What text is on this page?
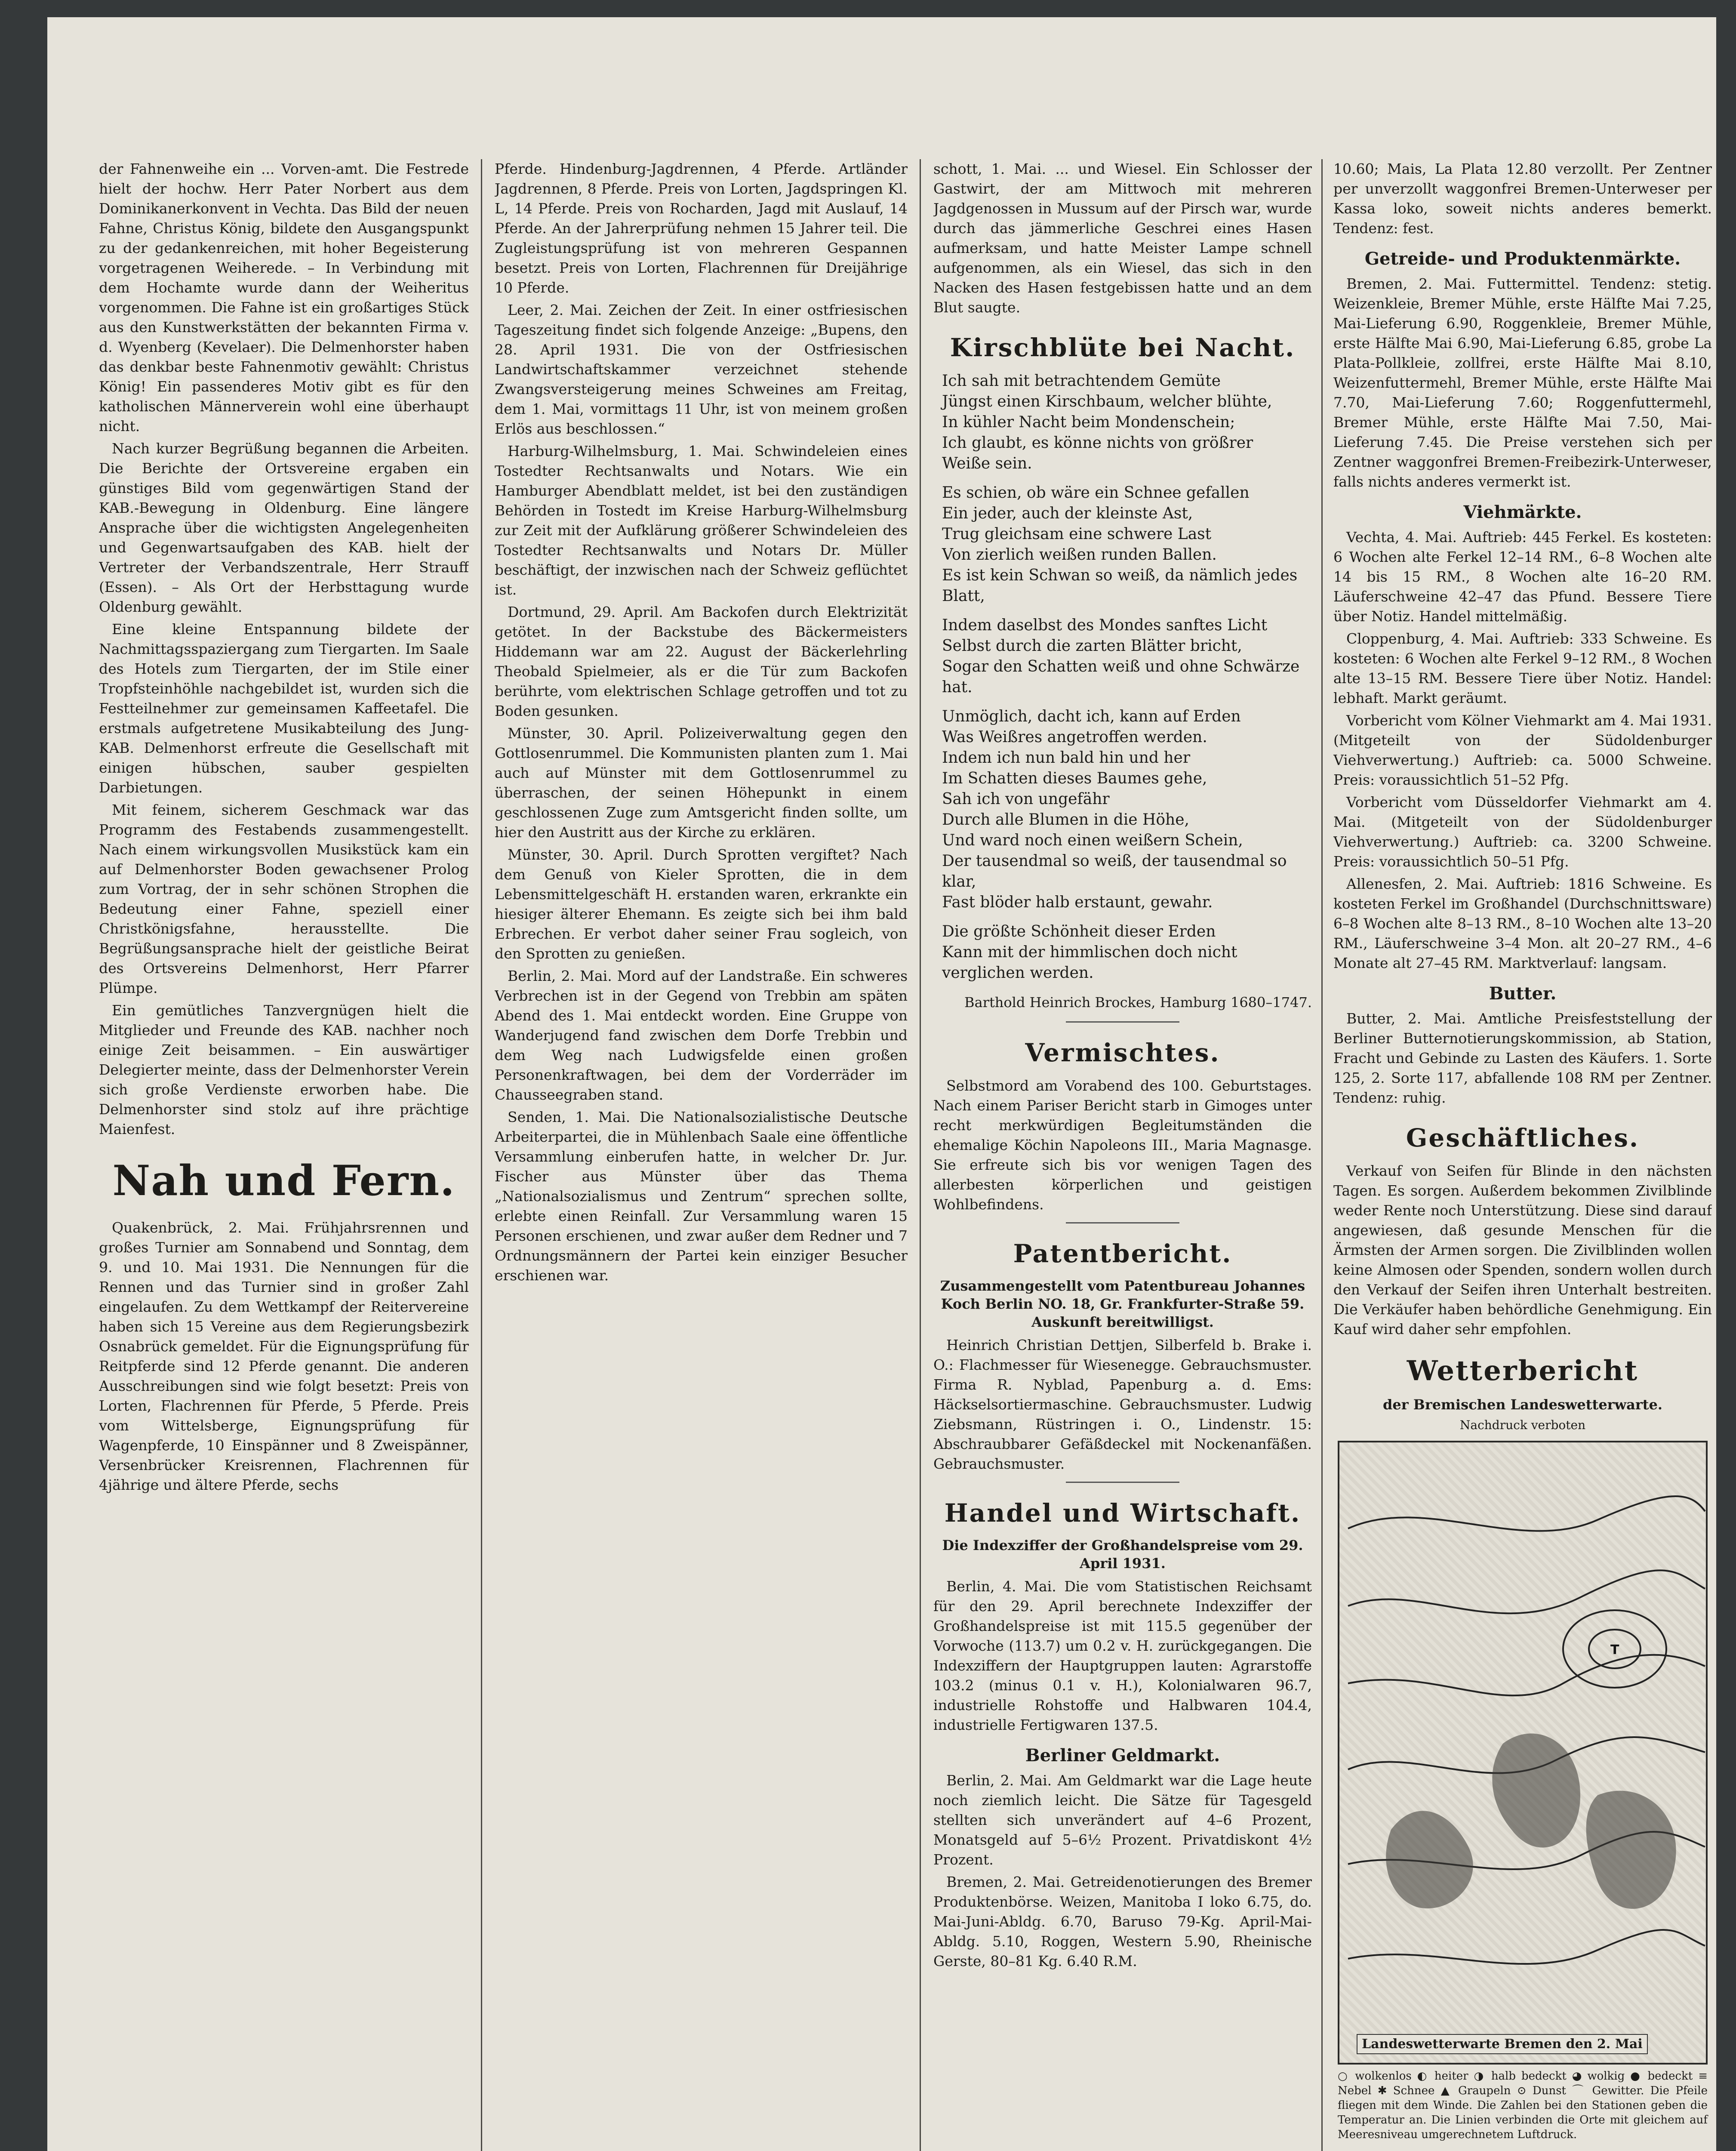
der Fahnenweihe ein ... Vorven-amt. Die Festrede hielt der hochw. Herr Pater Norbert aus dem Dominikanerkonvent in Vechta. Das Bild der neuen Fahne, Christus König, bildete den Ausgangspunkt zu der gedankenreichen, mit hoher Begeisterung vorgetragenen Weiherede. – In Verbindung mit dem Hochamte wurde dann der Weiheritus vorgenommen. Die Fahne ist ein großartiges Stück aus den Kunstwerkstätten der bekannten Firma v. d. Wyenberg (Kevelaer). Die Delmenhorster haben das denkbar beste Fahnenmotiv gewählt: Christus König! Ein passenderes Motiv gibt es für den katholischen Männerverein wohl eine überhaupt nicht.

Nach kurzer Begrüßung begannen die Arbeiten. Die Berichte der Ortsvereine ergaben ein günstiges Bild vom gegenwärtigen Stand der KAB.-Bewegung in Oldenburg. Eine längere Ansprache über die wichtigsten Angelegenheiten und Gegenwartsaufgaben des KAB. hielt der Vertreter der Verbandszentrale, Herr Strauff (Essen). – Als Ort der Herbsttagung wurde Oldenburg gewählt.

Eine kleine Entspannung bildete der Nachmittagsspaziergang zum Tiergarten. Im Saale des Hotels zum Tiergarten, der im Stile einer Tropfsteinhöhle nachgebildet ist, wurden sich die Festteilnehmer zur gemeinsamen Kaffeetafel. Die erstmals aufgetretene Musikabteilung des Jung-KAB. Delmenhorst erfreute die Gesellschaft mit einigen hübschen, sauber gespielten Darbietungen.

Mit feinem, sicherem Geschmack war das Programm des Festabends zusammengestellt. Nach einem wirkungsvollen Musikstück kam ein auf Delmenhorster Boden gewachsener Prolog zum Vortrag, der in sehr schönen Strophen die Bedeutung einer Fahne, speziell einer Christkönigsfahne, herausstellte. Die Begrüßungsansprache hielt der geistliche Beirat des Ortsvereins Delmenhorst, Herr Pfarrer Plümpe.

Ein gemütliches Tanzvergnügen hielt die Mitglieder und Freunde des KAB. nachher noch einige Zeit beisammen. – Ein auswärtiger Delegierter meinte, dass der Delmenhorster Verein sich große Verdienste erworben habe. Die Delmenhorster sind stolz auf ihre prächtige Maienfest.

Nah und Fern.

Quakenbrück, 2. Mai. Frühjahrsrennen und großes Turnier am Sonnabend und Sonntag, dem 9. und 10. Mai 1931. Die Nennungen für die Rennen und das Turnier sind in großer Zahl eingelaufen. Zu dem Wettkampf der Reitervereine haben sich 15 Vereine aus dem Regierungsbezirk Osnabrück gemeldet. Für die Eignungsprüfung für Reitpferde sind 12 Pferde genannt. Die anderen Ausschreibungen sind wie folgt besetzt: Preis von Lorten, Flachrennen für Pferde, 5 Pferde. Preis vom Wittelsberge, Eignungsprüfung für Wagenpferde, 10 Einspänner und 8 Zweispänner, Versenbrücker Kreisrennen, Flachrennen für 4jährige und ältere Pferde, sechs

Pferde. Hindenburg-Jagdrennen, 4 Pferde. Artländer Jagdrennen, 8 Pferde. Preis von Lorten, Jagdspringen Kl. L, 14 Pferde. Preis von Rocharden, Jagd mit Auslauf, 14 Pferde. An der Jahrerprüfung nehmen 15 Jahrer teil. Die Zugleistungsprüfung ist von mehreren Gespannen besetzt. Preis von Lorten, Flachrennen für Dreijährige 10 Pferde.

Leer, 2. Mai. Zeichen der Zeit. In einer ostfriesischen Tageszeitung findet sich folgende Anzeige: „Bupens, den 28. April 1931. Die von der Ostfriesischen Landwirtschaftskammer verzeichnet stehende Zwangsversteigerung meines Schweines am Freitag, dem 1. Mai, vormittags 11 Uhr, ist von meinem großen Erlös aus beschlossen.“

Harburg-Wilhelmsburg, 1. Mai. Schwindeleien eines Tostedter Rechtsanwalts und Notars. Wie ein Hamburger Abendblatt meldet, ist bei den zuständigen Behörden in Tostedt im Kreise Harburg-Wilhelmsburg zur Zeit mit der Aufklärung größerer Schwindeleien des Tostedter Rechtsanwalts und Notars Dr. Müller beschäftigt, der inzwischen nach der Schweiz geflüchtet ist.

Dortmund, 29. April. Am Backofen durch Elektrizität getötet. In der Backstube des Bäckermeisters Hiddemann war am 22. August der Bäckerlehrling Theobald Spielmeier, als er die Tür zum Backofen berührte, vom elektrischen Schlage getroffen und tot zu Boden gesunken.

Münster, 30. April. Polizeiverwaltung gegen den Gottlosenrummel. Die Kommunisten planten zum 1. Mai auch auf Münster mit dem Gottlosenrummel zu überraschen, der seinen Höhepunkt in einem geschlossenen Zuge zum Amtsgericht finden sollte, um hier den Austritt aus der Kirche zu erklären.

Münster, 30. April. Durch Sprotten vergiftet? Nach dem Genuß von Kieler Sprotten, die in dem Lebensmittelgeschäft H. erstanden waren, erkrankte ein hiesiger älterer Ehemann. Es zeigte sich bei ihm bald Erbrechen. Er verbot daher seiner Frau sogleich, von den Sprotten zu genießen.

Berlin, 2. Mai. Mord auf der Landstraße. Ein schweres Verbrechen ist in der Gegend von Trebbin am späten Abend des 1. Mai entdeckt worden. Eine Gruppe von Wanderjugend fand zwischen dem Dorfe Trebbin und dem Weg nach Ludwigsfelde einen großen Personenkraftwagen, bei dem der Vorderräder im Chausseegraben stand.

Senden, 1. Mai. Die Nationalsozialistische Deutsche Arbeiterpartei, die in Mühlenbach Saale eine öffentliche Versammlung einberufen hatte, in welcher Dr. Jur. Fischer aus Münster über das Thema „Nationalsozialismus und Zentrum“ sprechen sollte, erlebte einen Reinfall. Zur Versammlung waren 15 Personen erschienen, und zwar außer dem Redner und 7 Ordnungsmännern der Partei kein einziger Besucher erschienen war.

schott, 1. Mai. ... und Wiesel. Ein Schlosser der Gastwirt, der am Mittwoch mit mehreren Jagdgenossen in Mussum auf der Pirsch war, wurde durch das jämmerliche Geschrei eines Hasen aufmerksam, und hatte Meister Lampe schnell aufgenommen, als ein Wiesel, das sich in den Nacken des Hasen festgebissen hatte und an dem Blut saugte.

Kirschblüte bei Nacht.
Ich sah mit betrachtendem Gemüte
Jüngst einen Kirschbaum, welcher blühte,
In kühler Nacht beim Mondenschein;
Ich glaubt, es könne nichts von größrer
Weiße sein.
Es schien, ob wäre ein Schnee gefallen
Ein jeder, auch der kleinste Ast,
Trug gleichsam eine schwere Last
Von zierlich weißen runden Ballen.
Es ist kein Schwan so weiß, da nämlich jedes Blatt,
Indem daselbst des Mondes sanftes Licht
Selbst durch die zarten Blätter bricht,
Sogar den Schatten weiß und ohne Schwärze hat.
Unmöglich, dacht ich, kann auf Erden
Was Weißres angetroffen werden.
Indem ich nun bald hin und her
Im Schatten dieses Baumes gehe,
Sah ich von ungefähr
Durch alle Blumen in die Höhe,
Und ward noch einen weißern Schein,
Der tausendmal so weiß, der tausendmal so klar,
Fast blöder halb erstaunt, gewahr.
Die größte Schönheit dieser Erden
Kann mit der himmlischen doch nicht verglichen werden.
Barthold Heinrich Brockes, Hamburg 1680–1747.
Vermischtes.

Selbstmord am Vorabend des 100. Geburtstages. Nach einem Pariser Bericht starb in Gimoges unter recht merkwürdigen Begleitumständen die ehemalige Köchin Napoleons III., Maria Magnasge. Sie erfreute sich bis vor wenigen Tagen des allerbesten körperlichen und geistigen Wohlbefindens.

Patentbericht.
Zusammengestellt vom Patentbureau Johannes Koch Berlin NO. 18, Gr. Frankfurter-Straße 59. Auskunft bereitwilligst.

Heinrich Christian Dettjen, Silberfeld b. Brake i. O.: Flachmesser für Wiesenegge. Gebrauchsmuster. Firma R. Nyblad, Papenburg a. d. Ems: Häckselsortiermaschine. Gebrauchsmuster. Ludwig Ziebsmann, Rüstringen i. O., Lindenstr. 15: Abschraubbarer Gefäßdeckel mit Nockenanfäßen. Gebrauchsmuster.

Handel und Wirtschaft.
Die Indexziffer der Großhandelspreise vom 29. April 1931.

Berlin, 4. Mai. Die vom Statistischen Reichsamt für den 29. April berechnete Indexziffer der Großhandelspreise ist mit 115.5 gegenüber der Vorwoche (113.7) um 0.2 v. H. zurückgegangen. Die Indexziffern der Hauptgruppen lauten: Agrarstoffe 103.2 (minus 0.1 v. H.), Kolonialwaren 96.7, industrielle Rohstoffe und Halbwaren 104.4, industrielle Fertigwaren 137.5.

Berliner Geldmarkt.

Berlin, 2. Mai. Am Geldmarkt war die Lage heute noch ziemlich leicht. Die Sätze für Tagesgeld stellten sich unverändert auf 4–6 Prozent, Monatsgeld auf 5–6½ Prozent. Privatdiskont 4½ Prozent.

Bremen, 2. Mai. Getreidenotierungen des Bremer Produktenbörse. Weizen, Manitoba I loko 6.75, do. Mai-Juni-Abldg. 6.70, Baruso 79-Kg. April-Mai-Abldg. 5.10, Roggen, Western 5.90, Rheinische Gerste, 80–81 Kg. 6.40 R.M.

10.60; Mais, La Plata 12.80 verzollt. Per Zentner per unverzollt waggonfrei Bremen-Unterweser per Kassa loko, soweit nichts anderes bemerkt. Tendenz: fest.

Getreide- und Produktenmärkte.

Bremen, 2. Mai. Futtermittel. Tendenz: stetig. Weizenkleie, Bremer Mühle, erste Hälfte Mai 7.25, Mai-Lieferung 6.90, Roggenkleie, Bremer Mühle, erste Hälfte Mai 6.90, Mai-Lieferung 6.85, grobe La Plata-Pollkleie, zollfrei, erste Hälfte Mai 8.10, Weizenfuttermehl, Bremer Mühle, erste Hälfte Mai 7.70, Mai-Lieferung 7.60; Roggenfuttermehl, Bremer Mühle, erste Hälfte Mai 7.50, Mai-Lieferung 7.45. Die Preise verstehen sich per Zentner waggonfrei Bremen-Freibezirk-Unterweser, falls nichts anderes vermerkt ist.

Viehmärkte.

Vechta, 4. Mai. Auftrieb: 445 Ferkel. Es kosteten: 6 Wochen alte Ferkel 12–14 RM., 6–8 Wochen alte 14 bis 15 RM., 8 Wochen alte 16–20 RM. Läuferschweine 42–47 das Pfund. Bessere Tiere über Notiz. Handel mittelmäßig.

Cloppenburg, 4. Mai. Auftrieb: 333 Schweine. Es kosteten: 6 Wochen alte Ferkel 9–12 RM., 8 Wochen alte 13–15 RM. Bessere Tiere über Notiz. Handel: lebhaft. Markt geräumt.

Vorbericht vom Kölner Viehmarkt am 4. Mai 1931. (Mitgeteilt von der Südoldenburger Viehverwertung.) Auftrieb: ca. 5000 Schweine. Preis: voraussichtlich 51–52 Pfg.

Vorbericht vom Düsseldorfer Viehmarkt am 4. Mai. (Mitgeteilt von der Südoldenburger Viehverwertung.) Auftrieb: ca. 3200 Schweine. Preis: voraussichtlich 50–51 Pfg.

Allenesfen, 2. Mai. Auftrieb: 1816 Schweine. Es kosteten Ferkel im Großhandel (Durchschnittsware) 6–8 Wochen alte 8–13 RM., 8–10 Wochen alte 13–20 RM., Läuferschweine 3–4 Mon. alt 20–27 RM., 4–6 Monate alt 27–45 RM. Marktverlauf: langsam.

Butter.

Butter, 2. Mai. Amtliche Preisfeststellung der Berliner Butternotierungskommission, ab Station, Fracht und Gebinde zu Lasten des Käufers. 1. Sorte 125, 2. Sorte 117, abfallende 108 RM per Zentner. Tendenz: ruhig.

Geschäftliches.

Verkauf von Seifen für Blinde in den nächsten Tagen. Es sorgen. Außerdem bekommen Zivilblinde weder Rente noch Unterstützung. Diese sind darauf angewiesen, daß gesunde Menschen für die Ärmsten der Armen sorgen. Die Zivilblinden wollen keine Almosen oder Spenden, sondern wollen durch den Verkauf der Seifen ihren Unterhalt bestreiten. Die Verkäufer haben behördliche Genehmigung. Ein Kauf wird daher sehr empfohlen.

Wetterbericht
der Bremischen Landeswetterwarte.
Nachdruck verboten
T
Landeswetterwarte Bremen den 2. Mai
○ wolkenlos ◐ heiter ◑ halb bedeckt ◕ wolkig ● bedeckt ≡ Nebel ✱ Schnee ▲ Graupeln ⊙ Dunst ⌒ Gewitter. Die Pfeile fliegen mit dem Winde. Die Zahlen bei den Stationen geben die Temperatur an. Die Linien verbinden die Orte mit gleichem auf Meeresniveau umgerechnetem Luftdruck.
